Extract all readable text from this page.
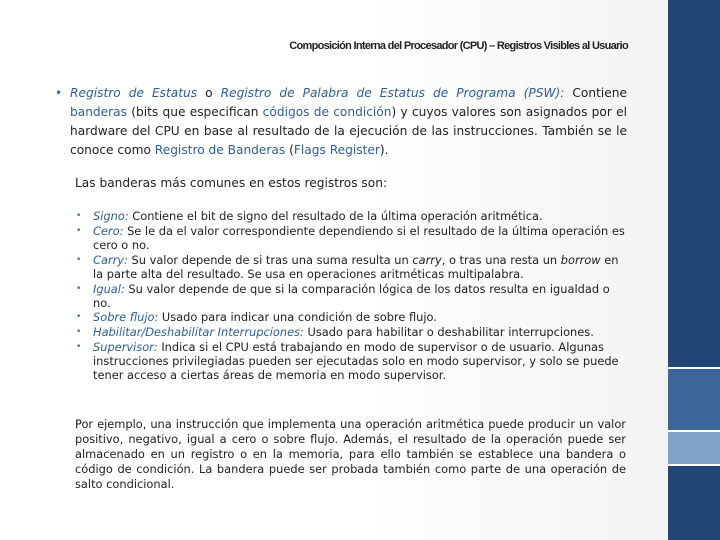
Composición Interna del Procesador (CPU) – Registros Visibles al Usuario
• Registro de Estatus o Registro de Palabra de Estatus de Programa (PSW): Contiene banderas (bits que especifican códigos de condición) y cuyos valores son asignados por el hardware del CPU en base al resultado de la ejecución de las instrucciones. También se le conoce como Registro de Banderas (Flags Register).
Las banderas más comunes en estos registros son:
• Signo: Contiene el bit de signo del resultado de la última operación aritmética.
• Cero: Se le da el valor correspondiente dependiendo si el resultado de la última operación es cero o no.
• Carry: Su valor depende de si tras una suma resulta un carry, o tras una resta un borrow en la parte alta del resultado. Se usa en operaciones aritméticas multipalabra.
• Igual: Su valor depende de que si la comparación lógica de los datos resulta en igualdad o no.
• Sobre flujo: Usado para indicar una condición de sobre flujo.
• Habilitar/Deshabilitar Interrupciones: Usado para habilitar o deshabilitar interrupciones.
• Supervisor: Indica si el CPU está trabajando en modo de supervisor o de usuario. Algunas instrucciones privilegiadas pueden ser ejecutadas solo en modo supervisor, y solo se puede tener acceso a ciertas áreas de memoria en modo supervisor.
Por ejemplo, una instrucción que implementa una operación aritmética puede producir un valor positivo, negativo, igual a cero o sobre flujo. Además, el resultado de la operación puede ser almacenado en un registro o en la memoria, para ello también se establece una bandera o código de condición. La bandera puede ser probada también como parte de una operación de salto condicional.
